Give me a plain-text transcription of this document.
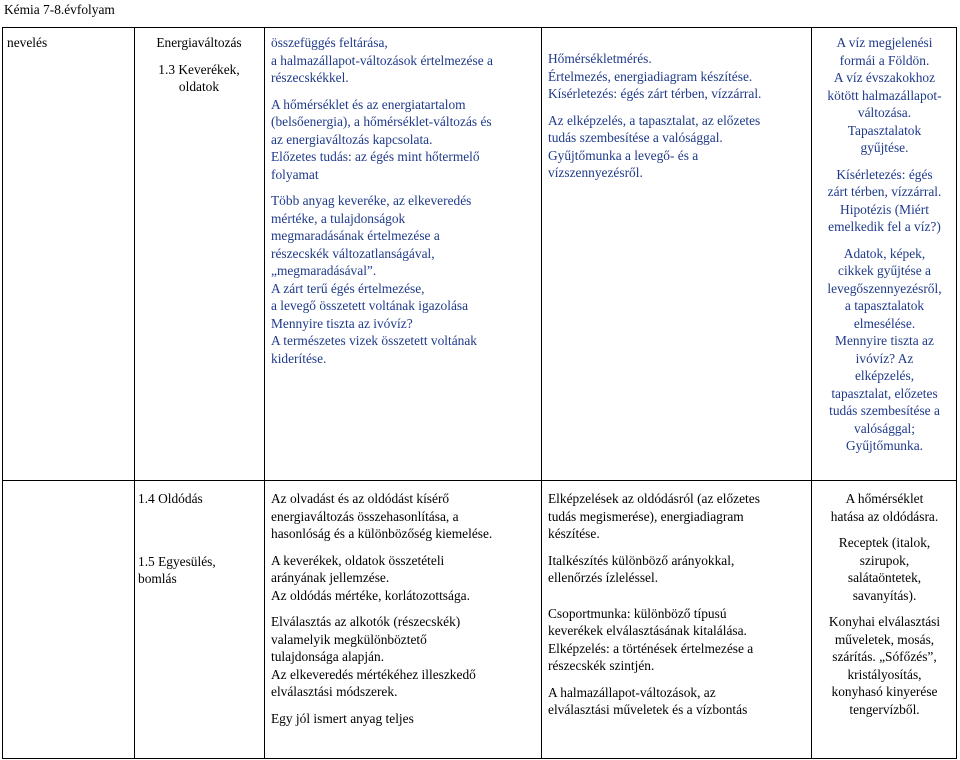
Kémia 7-8.évfolyam
nevelés	Energiaváltozás
1.3 Keverékek,
oldatok
összefüggés feltárása,
a halmazállapot-változások értelmezése a
részecskékkel.
A hőmérséklet és az energiatartalom
(belsőenergia), a hőmérséklet-változás és
az energiaváltozás kapcsolata.
Előzetes tudás: az égés mint hőtermelő
folyamat
Több anyag keveréke, az elkeveredés
mértéke, a tulajdonságok
megmaradásának értelmezése a
részecskék változatlanságával,
„megmaradásával”.
A zárt terű égés értelmezése,
a levegő összetett voltának igazolása
Mennyire tiszta az ivóvíz?
A természetes vizek összetett voltának
kiderítése.
Hőmérsékletmérés.
Értelmezés, energiadiagram készítése.
Kísérletezés: égés zárt térben, vízzárral.
Az elképzelés, a tapasztalat, az előzetes
tudás szembesítése a valósággal.
Gyűjtőmunka a levegő- és a
vízszennyezésről.
A víz megjelenési
formái a Földön.
A víz évszakokhoz
kötött halmazállapot-
változása.
Tapasztalatok
gyűjtése.
Kísérletezés: égés
zárt térben, vízzárral.
Hipotézis (Miért
emelkedik fel a víz?)
Adatok, képek,
cikkek gyűjtése a
levegőszennyezésről,
a tapasztalatok
elmesélése.
Mennyire tiszta az
ivóvíz? Az
elképzelés,
tapasztalat, előzetes
tudás szembesítése a
valósággal;
Gyűjtőmunka.
1.4 Oldódás
1.5 Egyesülés,
bomlás
Az olvadást és az oldódást kísérő
energiaváltozás összehasonlítása, a
hasonlóság és a különbözőség kiemelése.
A keverékek, oldatok összetételi
arányának jellemzése.
Az oldódás mértéke, korlátozottsága.
Elválasztás az alkotók (részecskék)
valamelyik megkülönböztető
tulajdonsága alapján.
Az elkeveredés mértékéhez illeszkedő
elválasztási módszerek.
Egy jól ismert anyag teljes
Elképzelések az oldódásról (az előzetes
tudás megismerése), energiadiagram
készítése.
Italkészítés különböző arányokkal,
ellenőrzés ízleléssel.
Csoportmunka: különböző típusú
keverékek elválasztásának kitalálása.
Elképzelés: a történések értelmezése a
részecskék szintjén.
A halmazállapot-változások, az
elválasztási műveletek és a vízbontás
A hőmérséklet
hatása az oldódásra.
Receptek (italok,
szirupok,
salátaöntetek,
savanyítás).
Konyhai elválasztási
műveletek, mosás,
szárítás. „Sófőzés”,
kristályosítás,
konyhasó kinyerése
tengervízből.
